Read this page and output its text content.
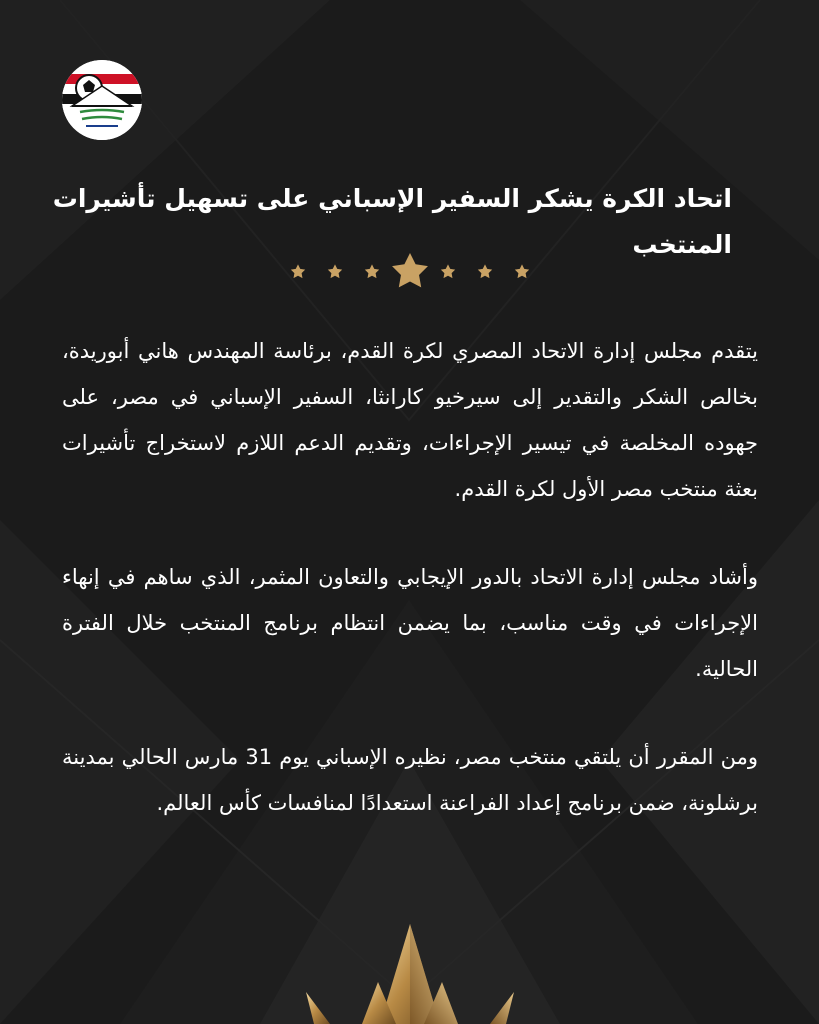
اتحاد الكرة يشكر السفير الإسباني على تسهيل تأشيرات المنتخب
يتقدم مجلس إدارة الاتحاد المصري لكرة القدم، برئاسة المهندس هاني أبوريدة، بخالص الشكر والتقدير إلى سيرخيو كارانثا، السفير الإسباني في مصر، على جهوده المخلصة في تيسير الإجراءات، وتقديم الدعم اللازم لاستخراج تأشيرات بعثة منتخب مصر الأول لكرة القدم.
وأشاد مجلس إدارة الاتحاد بالدور الإيجابي والتعاون المثمر، الذي ساهم في إنهاء الإجراءات في وقت مناسب، بما يضمن انتظام برنامج المنتخب خلال الفترة الحالية.
ومن المقرر أن يلتقي منتخب مصر، نظيره الإسباني يوم 31 مارس الحالي بمدينة برشلونة، ضمن برنامج إعداد الفراعنة استعدادًا لمنافسات كأس العالم.
